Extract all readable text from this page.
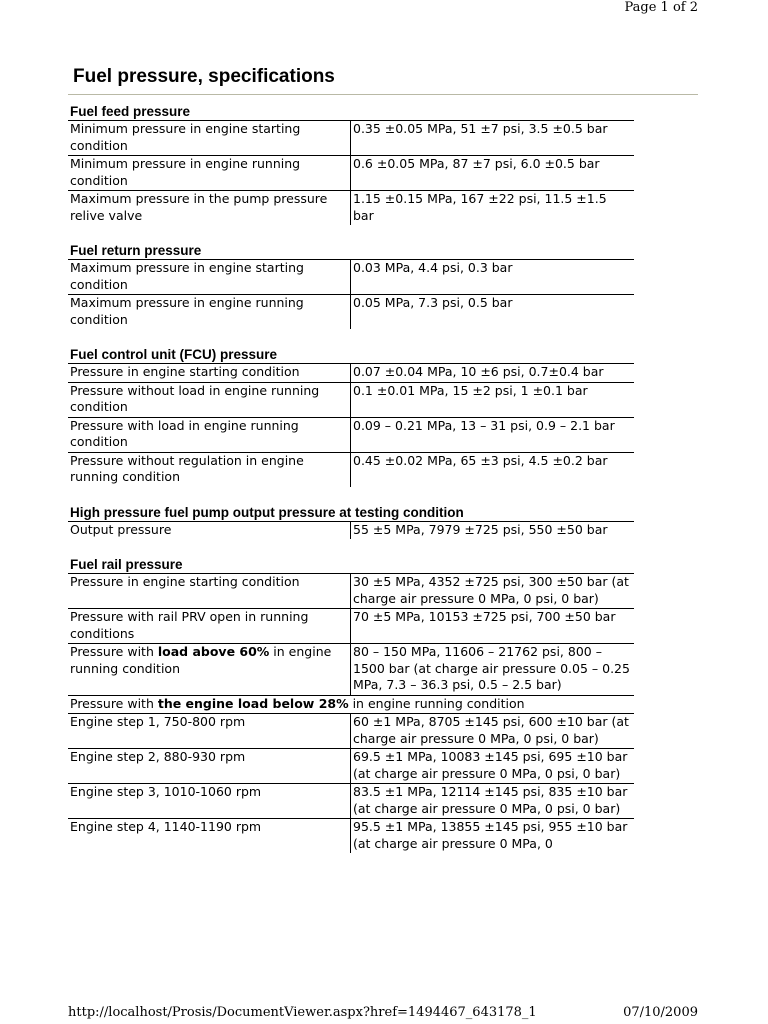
Page 1 of 2
Fuel pressure, specifications
Fuel feed pressure
Minimum pressure in engine starting condition	0.35 ±0.05 MPa, 51 ±7 psi, 3.5 ±0.5 bar
Minimum pressure in engine running condition	0.6 ±0.05 MPa, 87 ±7 psi, 6.0 ±0.5 bar
Maximum pressure in the pump pressure relive valve	1.15 ±0.15 MPa, 167 ±22 psi, 11.5 ±1.5 bar
Fuel return pressure
Maximum pressure in engine starting condition	0.03 MPa, 4.4 psi, 0.3 bar
Maximum pressure in engine running condition	0.05 MPa, 7.3 psi, 0.5 bar
Fuel control unit (FCU) pressure
Pressure in engine starting condition	0.07 ±0.04 MPa, 10 ±6 psi, 0.7±0.4 bar
Pressure without load in engine running condition	0.1 ±0.01 MPa, 15 ±2 psi, 1 ±0.1 bar
Pressure with load in engine running condition	0.09 – 0.21 MPa, 13 – 31 psi, 0.9 – 2.1 bar
Pressure without regulation in engine running condition	0.45 ±0.02 MPa, 65 ±3 psi, 4.5 ±0.2 bar
High pressure fuel pump output pressure at testing condition
Output pressure	55 ±5 MPa, 7979 ±725 psi, 550 ±50 bar
Fuel rail pressure
Pressure in engine starting condition	30 ±5 MPa, 4352 ±725 psi, 300 ±50 bar (at charge air pressure 0 MPa, 0 psi, 0 bar)
Pressure with rail PRV open in running conditions	70 ±5 MPa, 10153 ±725 psi, 700 ±50 bar
Pressure with load above 60% in engine running condition	80 – 150 MPa, 11606 – 21762 psi, 800 – 1500 bar (at charge air pressure 0.05 – 0.25 MPa, 7.3 – 36.3 psi, 0.5 – 2.5 bar)
Pressure with the engine load below 28% in engine running condition	
Engine step 1, 750-800 rpm	60 ±1 MPa, 8705 ±145 psi, 600 ±10 bar (at charge air pressure 0 MPa, 0 psi, 0 bar)
Engine step 2, 880-930 rpm	69.5 ±1 MPa, 10083 ±145 psi, 695 ±10 bar (at charge air pressure 0 MPa, 0 psi, 0 bar)
Engine step 3, 1010-1060 rpm	83.5 ±1 MPa, 12114 ±145 psi, 835 ±10 bar (at charge air pressure 0 MPa, 0 psi, 0 bar)
Engine step 4, 1140-1190 rpm	95.5 ±1 MPa, 13855 ±145 psi, 955 ±10 bar (at charge air pressure 0 MPa, 0
http://localhost/Prosis/DocumentViewer.aspx?href=1494467_643178_1	07/10/2009
